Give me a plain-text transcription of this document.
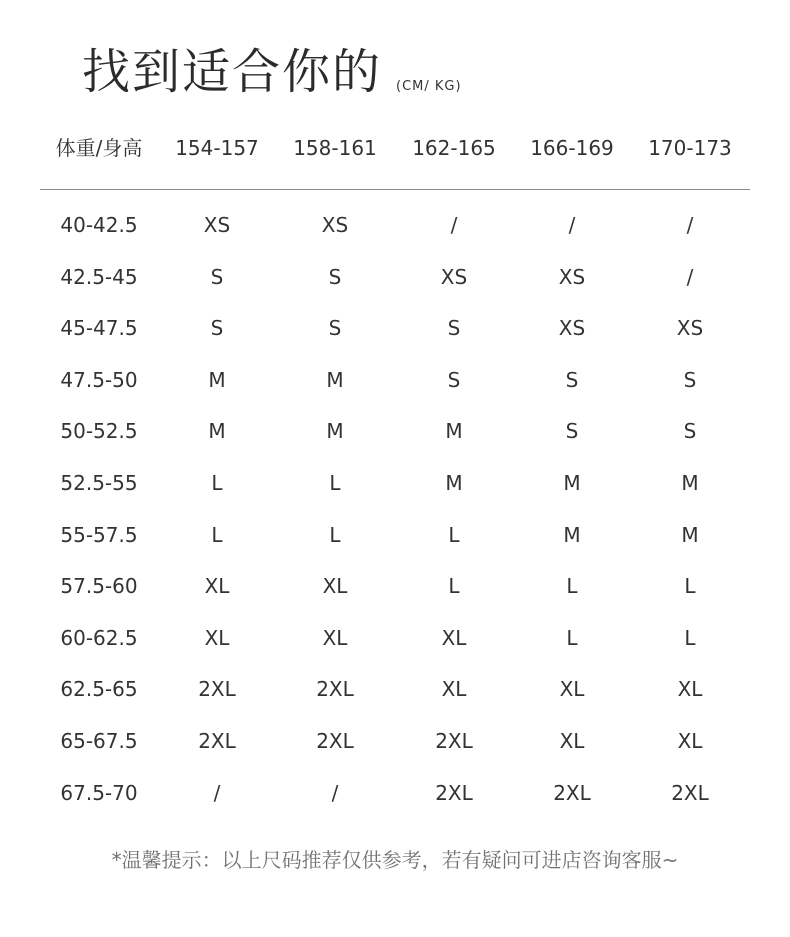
找到适合你的 (CM/ KG)
体重/身高	154-157	158-161	162-165	166-169	170-173
40-42.5	XS	XS	/	/	/
42.5-45	S	S	XS	XS	/
45-47.5	S	S	S	XS	XS
47.5-50	M	M	S	S	S
50-52.5	M	M	M	S	S
52.5-55	L	L	M	M	M
55-57.5	L	L	L	M	M
57.5-60	XL	XL	L	L	L
60-62.5	XL	XL	XL	L	L
62.5-65	2XL	2XL	XL	XL	XL
65-67.5	2XL	2XL	2XL	XL	XL
67.5-70	/	/	2XL	2XL	2XL
*温馨提示：以上尺码推荐仅供参考，若有疑问可进店咨询客服~
